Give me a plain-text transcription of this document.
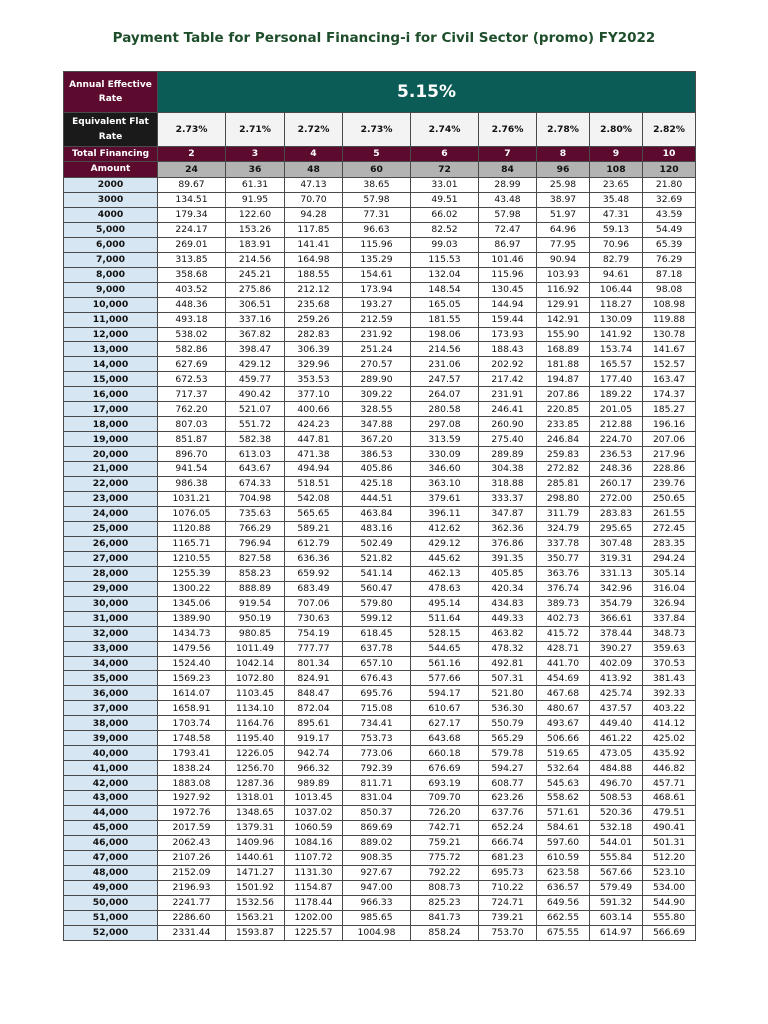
Payment Table for Personal Financing-i for Civil Sector (promo) FY2022
Annual Effective Rate	5.15%								
Equivalent Flat Rate	2.73%	2.71%	2.72%	2.73%	2.74%	2.76%	2.78%	2.80%	2.82%
Total Financing	2	3	4	5	6	7	8	9	10
Amount	24	36	48	60	72	84	96	108	120
2000	89.67	61.31	47.13	38.65	33.01	28.99	25.98	23.65	21.80
3000	134.51	91.95	70.70	57.98	49.51	43.48	38.97	35.48	32.69
4000	179.34	122.60	94.28	77.31	66.02	57.98	51.97	47.31	43.59
5,000	224.17	153.26	117.85	96.63	82.52	72.47	64.96	59.13	54.49
6,000	269.01	183.91	141.41	115.96	99.03	86.97	77.95	70.96	65.39
7,000	313.85	214.56	164.98	135.29	115.53	101.46	90.94	82.79	76.29
8,000	358.68	245.21	188.55	154.61	132.04	115.96	103.93	94.61	87.18
9,000	403.52	275.86	212.12	173.94	148.54	130.45	116.92	106.44	98.08
10,000	448.36	306.51	235.68	193.27	165.05	144.94	129.91	118.27	108.98
11,000	493.18	337.16	259.26	212.59	181.55	159.44	142.91	130.09	119.88
12,000	538.02	367.82	282.83	231.92	198.06	173.93	155.90	141.92	130.78
13,000	582.86	398.47	306.39	251.24	214.56	188.43	168.89	153.74	141.67
14,000	627.69	429.12	329.96	270.57	231.06	202.92	181.88	165.57	152.57
15,000	672.53	459.77	353.53	289.90	247.57	217.42	194.87	177.40	163.47
16,000	717.37	490.42	377.10	309.22	264.07	231.91	207.86	189.22	174.37
17,000	762.20	521.07	400.66	328.55	280.58	246.41	220.85	201.05	185.27
18,000	807.03	551.72	424.23	347.88	297.08	260.90	233.85	212.88	196.16
19,000	851.87	582.38	447.81	367.20	313.59	275.40	246.84	224.70	207.06
20,000	896.70	613.03	471.38	386.53	330.09	289.89	259.83	236.53	217.96
21,000	941.54	643.67	494.94	405.86	346.60	304.38	272.82	248.36	228.86
22,000	986.38	674.33	518.51	425.18	363.10	318.88	285.81	260.17	239.76
23,000	1031.21	704.98	542.08	444.51	379.61	333.37	298.80	272.00	250.65
24,000	1076.05	735.63	565.65	463.84	396.11	347.87	311.79	283.83	261.55
25,000	1120.88	766.29	589.21	483.16	412.62	362.36	324.79	295.65	272.45
26,000	1165.71	796.94	612.79	502.49	429.12	376.86	337.78	307.48	283.35
27,000	1210.55	827.58	636.36	521.82	445.62	391.35	350.77	319.31	294.24
28,000	1255.39	858.23	659.92	541.14	462.13	405.85	363.76	331.13	305.14
29,000	1300.22	888.89	683.49	560.47	478.63	420.34	376.74	342.96	316.04
30,000	1345.06	919.54	707.06	579.80	495.14	434.83	389.73	354.79	326.94
31,000	1389.90	950.19	730.63	599.12	511.64	449.33	402.73	366.61	337.84
32,000	1434.73	980.85	754.19	618.45	528.15	463.82	415.72	378.44	348.73
33,000	1479.56	1011.49	777.77	637.78	544.65	478.32	428.71	390.27	359.63
34,000	1524.40	1042.14	801.34	657.10	561.16	492.81	441.70	402.09	370.53
35,000	1569.23	1072.80	824.91	676.43	577.66	507.31	454.69	413.92	381.43
36,000	1614.07	1103.45	848.47	695.76	594.17	521.80	467.68	425.74	392.33
37,000	1658.91	1134.10	872.04	715.08	610.67	536.30	480.67	437.57	403.22
38,000	1703.74	1164.76	895.61	734.41	627.17	550.79	493.67	449.40	414.12
39,000	1748.58	1195.40	919.17	753.73	643.68	565.29	506.66	461.22	425.02
40,000	1793.41	1226.05	942.74	773.06	660.18	579.78	519.65	473.05	435.92
41,000	1838.24	1256.70	966.32	792.39	676.69	594.27	532.64	484.88	446.82
42,000	1883.08	1287.36	989.89	811.71	693.19	608.77	545.63	496.70	457.71
43,000	1927.92	1318.01	1013.45	831.04	709.70	623.26	558.62	508.53	468.61
44,000	1972.76	1348.65	1037.02	850.37	726.20	637.76	571.61	520.36	479.51
45,000	2017.59	1379.31	1060.59	869.69	742.71	652.24	584.61	532.18	490.41
46,000	2062.43	1409.96	1084.16	889.02	759.21	666.74	597.60	544.01	501.31
47,000	2107.26	1440.61	1107.72	908.35	775.72	681.23	610.59	555.84	512.20
48,000	2152.09	1471.27	1131.30	927.67	792.22	695.73	623.58	567.66	523.10
49,000	2196.93	1501.92	1154.87	947.00	808.73	710.22	636.57	579.49	534.00
50,000	2241.77	1532.56	1178.44	966.33	825.23	724.71	649.56	591.32	544.90
51,000	2286.60	1563.21	1202.00	985.65	841.73	739.21	662.55	603.14	555.80
52,000	2331.44	1593.87	1225.57	1004.98	858.24	753.70	675.55	614.97	566.69
